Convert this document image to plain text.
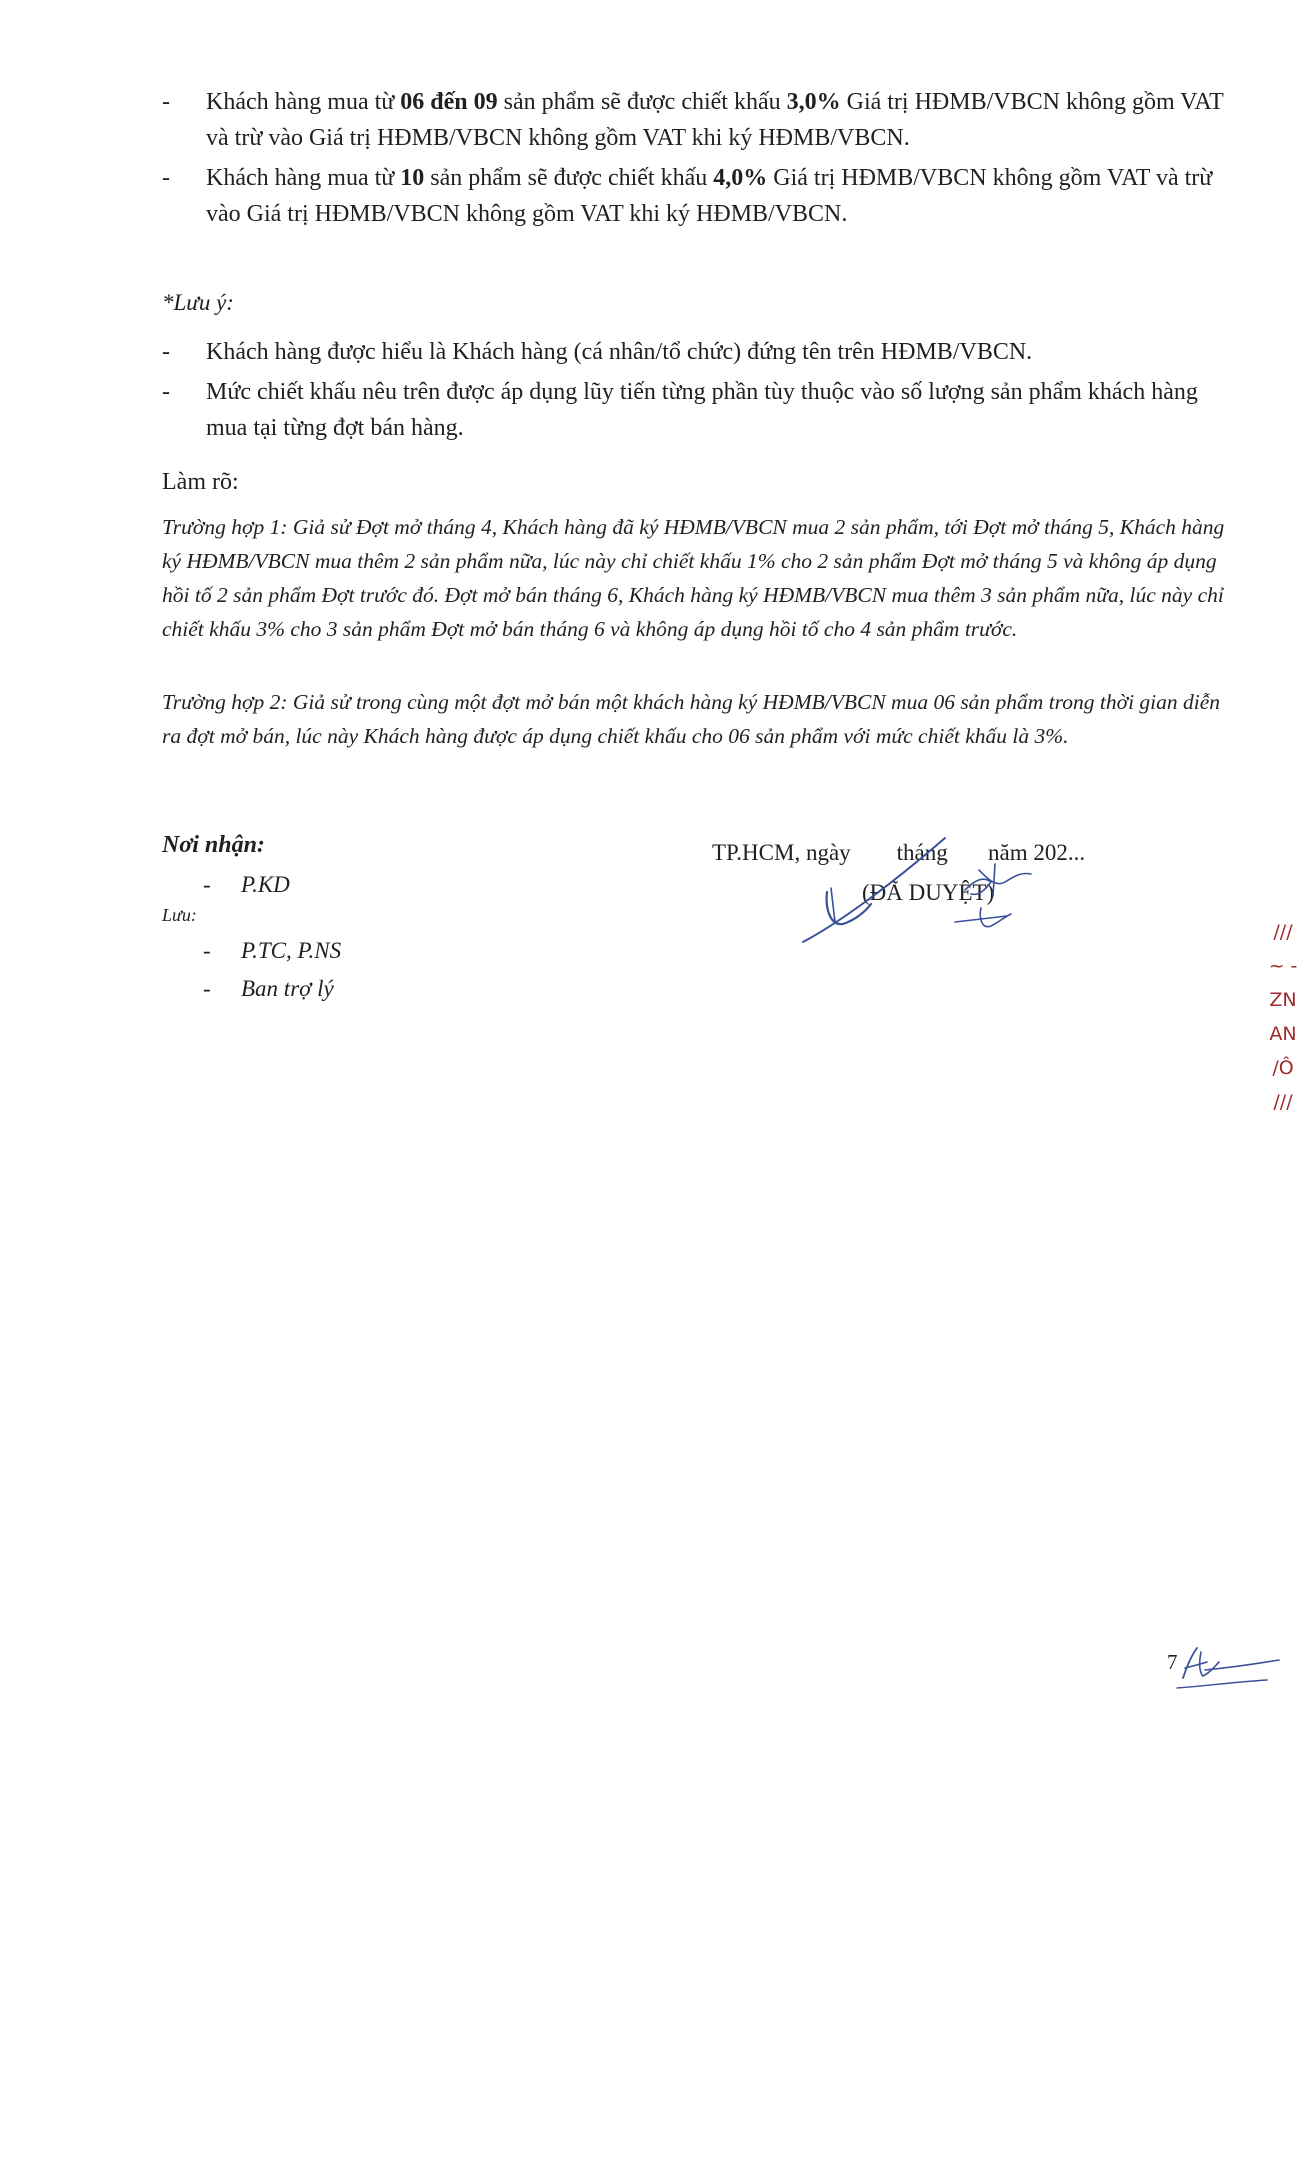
- Khách hàng mua từ 06 đến 09 sản phẩm sẽ được chiết khấu 3,0% Giá trị HĐMB/VBCN không gồm VAT và trừ vào Giá trị HĐMB/VBCN không gồm VAT khi ký HĐMB/VBCN.
- Khách hàng mua từ 10 sản phẩm sẽ được chiết khấu 4,0% Giá trị HĐMB/VBCN không gồm VAT và trừ vào Giá trị HĐMB/VBCN không gồm VAT khi ký HĐMB/VBCN.
*Lưu ý:
- Khách hàng được hiểu là Khách hàng (cá nhân/tổ chức) đứng tên trên HĐMB/VBCN.
- Mức chiết khấu nêu trên được áp dụng lũy tiến từng phần tùy thuộc vào số lượng sản phẩm khách hàng mua tại từng đợt bán hàng.
Làm rõ:
Trường hợp 1: Giả sử Đợt mở tháng 4, Khách hàng đã ký HĐMB/VBCN mua 2 sản phẩm, tới Đợt mở tháng 5, Khách hàng ký HĐMB/VBCN mua thêm 2 sản phẩm nữa, lúc này chỉ chiết khấu 1% cho 2 sản phẩm Đợt mở tháng 5 và không áp dụng hồi tố 2 sản phẩm Đợt trước đó. Đợt mở bán tháng 6, Khách hàng ký HĐMB/VBCN mua thêm 3 sản phẩm nữa, lúc này chỉ chiết khấu 3% cho 3 sản phẩm Đợt mở bán tháng 6 và không áp dụng hồi tố cho 4 sản phẩm trước.
Trường hợp 2: Giả sử trong cùng một đợt mở bán một khách hàng ký HĐMB/VBCN mua 06 sản phẩm trong thời gian diễn ra đợt mở bán, lúc này Khách hàng được áp dụng chiết khấu cho 06 sản phẩm với mức chiết khấu là 3%.
Nơi nhận:
- P.KD
Lưu:
- P.TC, P.NS
- Ban trợ lý
TP.HCM, ngày        tháng       năm 202...
(ĐÃ DUYỆT)
///
~ -
ZN
AN
/Ô
///
7
